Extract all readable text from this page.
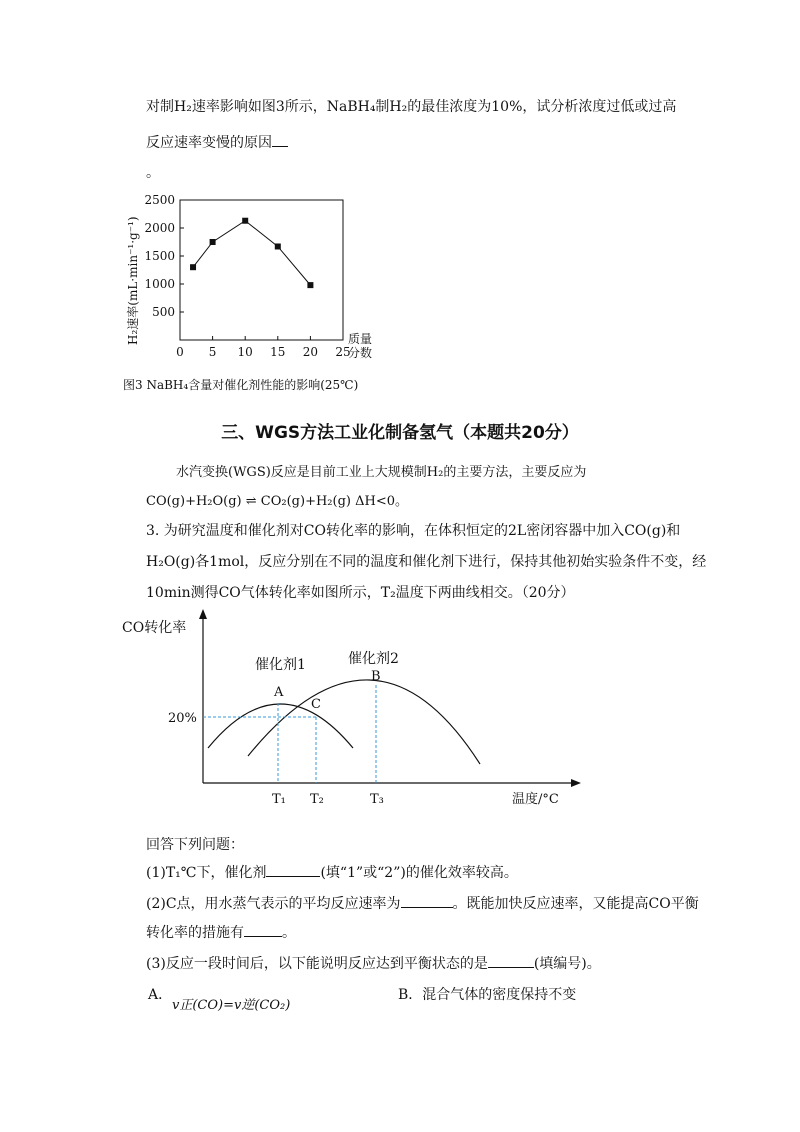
对制H₂速率影响如图3所示，NaBH₄制H₂的最佳浓度为10%，试分析浓度过低或过高
反应速率变慢的原因
。
0 5 10 15 20 25
500
1000
1500
2000
2500
H₂速率(mL·min⁻¹·g⁻¹)	质量
分数
图3 NaBH₄含量对催化剂性能的影响(25℃)
三、WGS方法工业化制备氢气（本题共20分）
水汽变换(WGS)反应是目前工业上大规模制H₂的主要方法，主要反应为
CO(g)+H₂O(g) ⇌ CO₂(g)+H₂(g) ΔH<0。
3. 为研究温度和催化剂对CO转化率的影响，在体积恒定的2L密闭容器中加入CO(g)和
H₂O(g)各1mol，反应分别在不同的温度和催化剂下进行，保持其他初始实验条件不变，经
10min测得CO气体转化率如图所示，T₂温度下两曲线相交。（20分）
CO转化率
催化剂1	催化剂2
A
B
C
20%
T₁ T₂	T₃	温度/°C
回答下列问题：
(1)T₁℃下，催化剂	(填“1”或“2”)的催化效率较高。
(2)C点，用水蒸气表示的平均反应速率为	。既能加快反应速率，又能提高CO平衡
转化率的措施有	。
(3)反应一段时间后，以下能说明反应达到平衡状态的是	(填编号)。
A．
v正(CO)=v逆(CO₂)
B．混合气体的密度保持不变
